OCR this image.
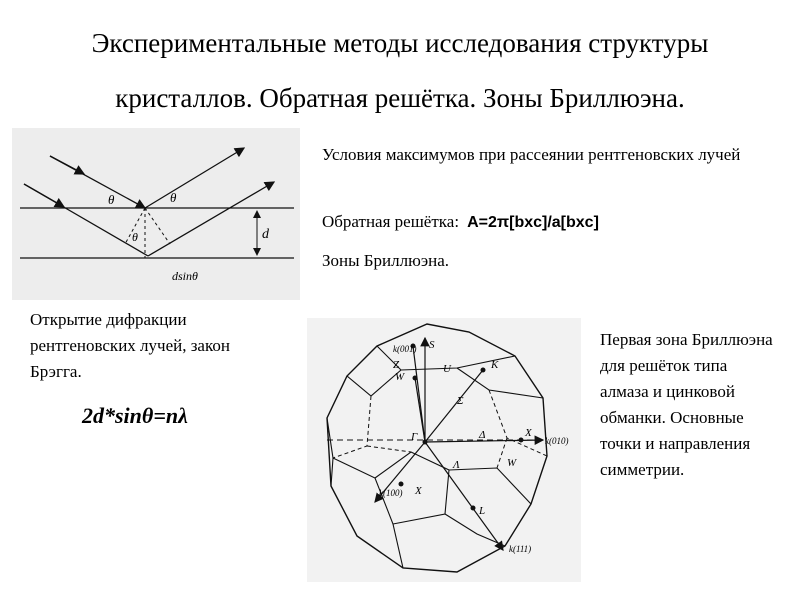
Экспериментальные методы исследования структуры
кристаллов. Обратная решётка. Зоны Бриллюэна.
θ	θ
θ	d
dsinθ
Условия максимумов при рассеянии рентгеновских лучей
Обратная решётка: A=2π[bxc]/a[bxc]
Зоны Бриллюэна.
Открытие дифракции рентгеновских лучей, закон Брэгга.
2d*sinθ=nλ
k(001) S
Z	U	K
W
Σ
Γ	Δ	X
k(010)
W
Λ
k(100) X
L
k(111)
Первая зона Бриллюэна для решёток типа алмаза и цинковой обманки. Основные точки и направления симметрии.
